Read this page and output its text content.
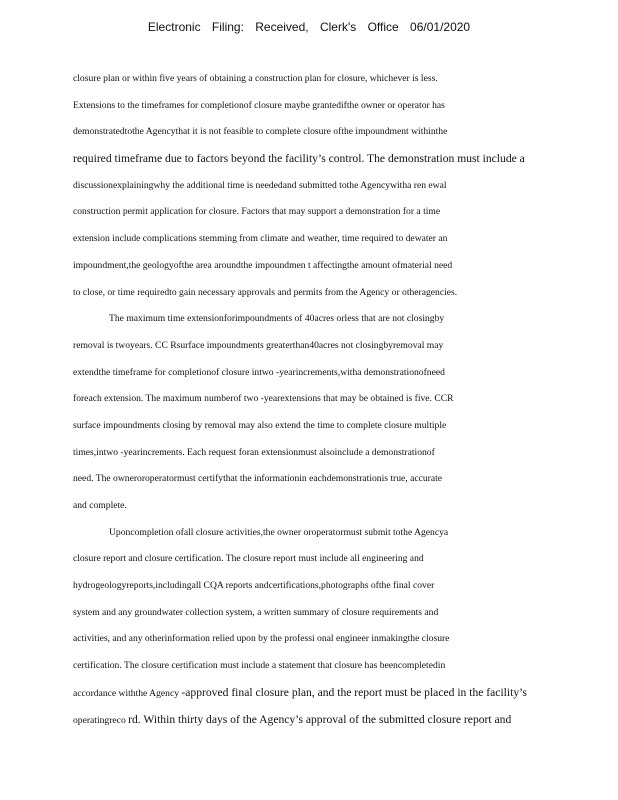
Electronic Filing: Received, Clerk's Office 06/01/2020
closure plan or within five years of obtaining a construction plan for closure, whichever is less.
Extensions to the timeframes for completionof closure maybe grantedifthe owner or operator has
demonstratedtothe Agencythat it is not feasible to complete closure ofthe impoundment withinthe
required timeframe due to factors beyond the facility’s control. The demonstration must include a
discussionexplainingwhy the additional time is neededand submitted tothe Agencywitha ren ewal
construction permit application for closure. Factors that may support a demonstration for a time
extension include complications stemming from climate and weather, time required to dewater an
impoundment,the geologyofthe area aroundthe impoundmen t affectingthe amount ofmaterial need
to close, or time requiredto gain necessary approvals and permits from the Agency or otheragencies.
The maximum time extensionforimpoundments of 40acres orless that are not closingby
removal is twoyears. CC Rsurface impoundments greaterthan40acres not closingbyremoval may
extendthe timeframe for completionof closure intwo -yearincrements,witha demonstrationofneed
foreach extension. The maximum numberof two -yearextensions that may be obtained is five. CCR
surface impoundments closing by removal may also extend the time to complete closure multiple
times,intwo -yearincrements. Each request foran extensionmust alsoinclude a demonstrationof
need. The owneroroperatormust certifythat the informationin eachdemonstrationis true, accurate
and complete.
Uponcompletion ofall closure activities,the owner oroperatormust submit tothe Agencya
closure report and closure certification. The closure report must include all engineering and
hydrogeologyreports,includingall CQA reports andcertifications,photographs ofthe final cover
system and any groundwater collection system, a written summary of closure requirements and
activities, and any otherinformation relied upon by the professi onal engineer inmakingthe closure
certification. The closure certification must include a statement that closure has beencompletedin
accordance withthe Agency -approved final closure plan, and the report must be placed in the facility’s
operatingreco rd. Within thirty days of the Agency’s approval of the submitted closure report and
